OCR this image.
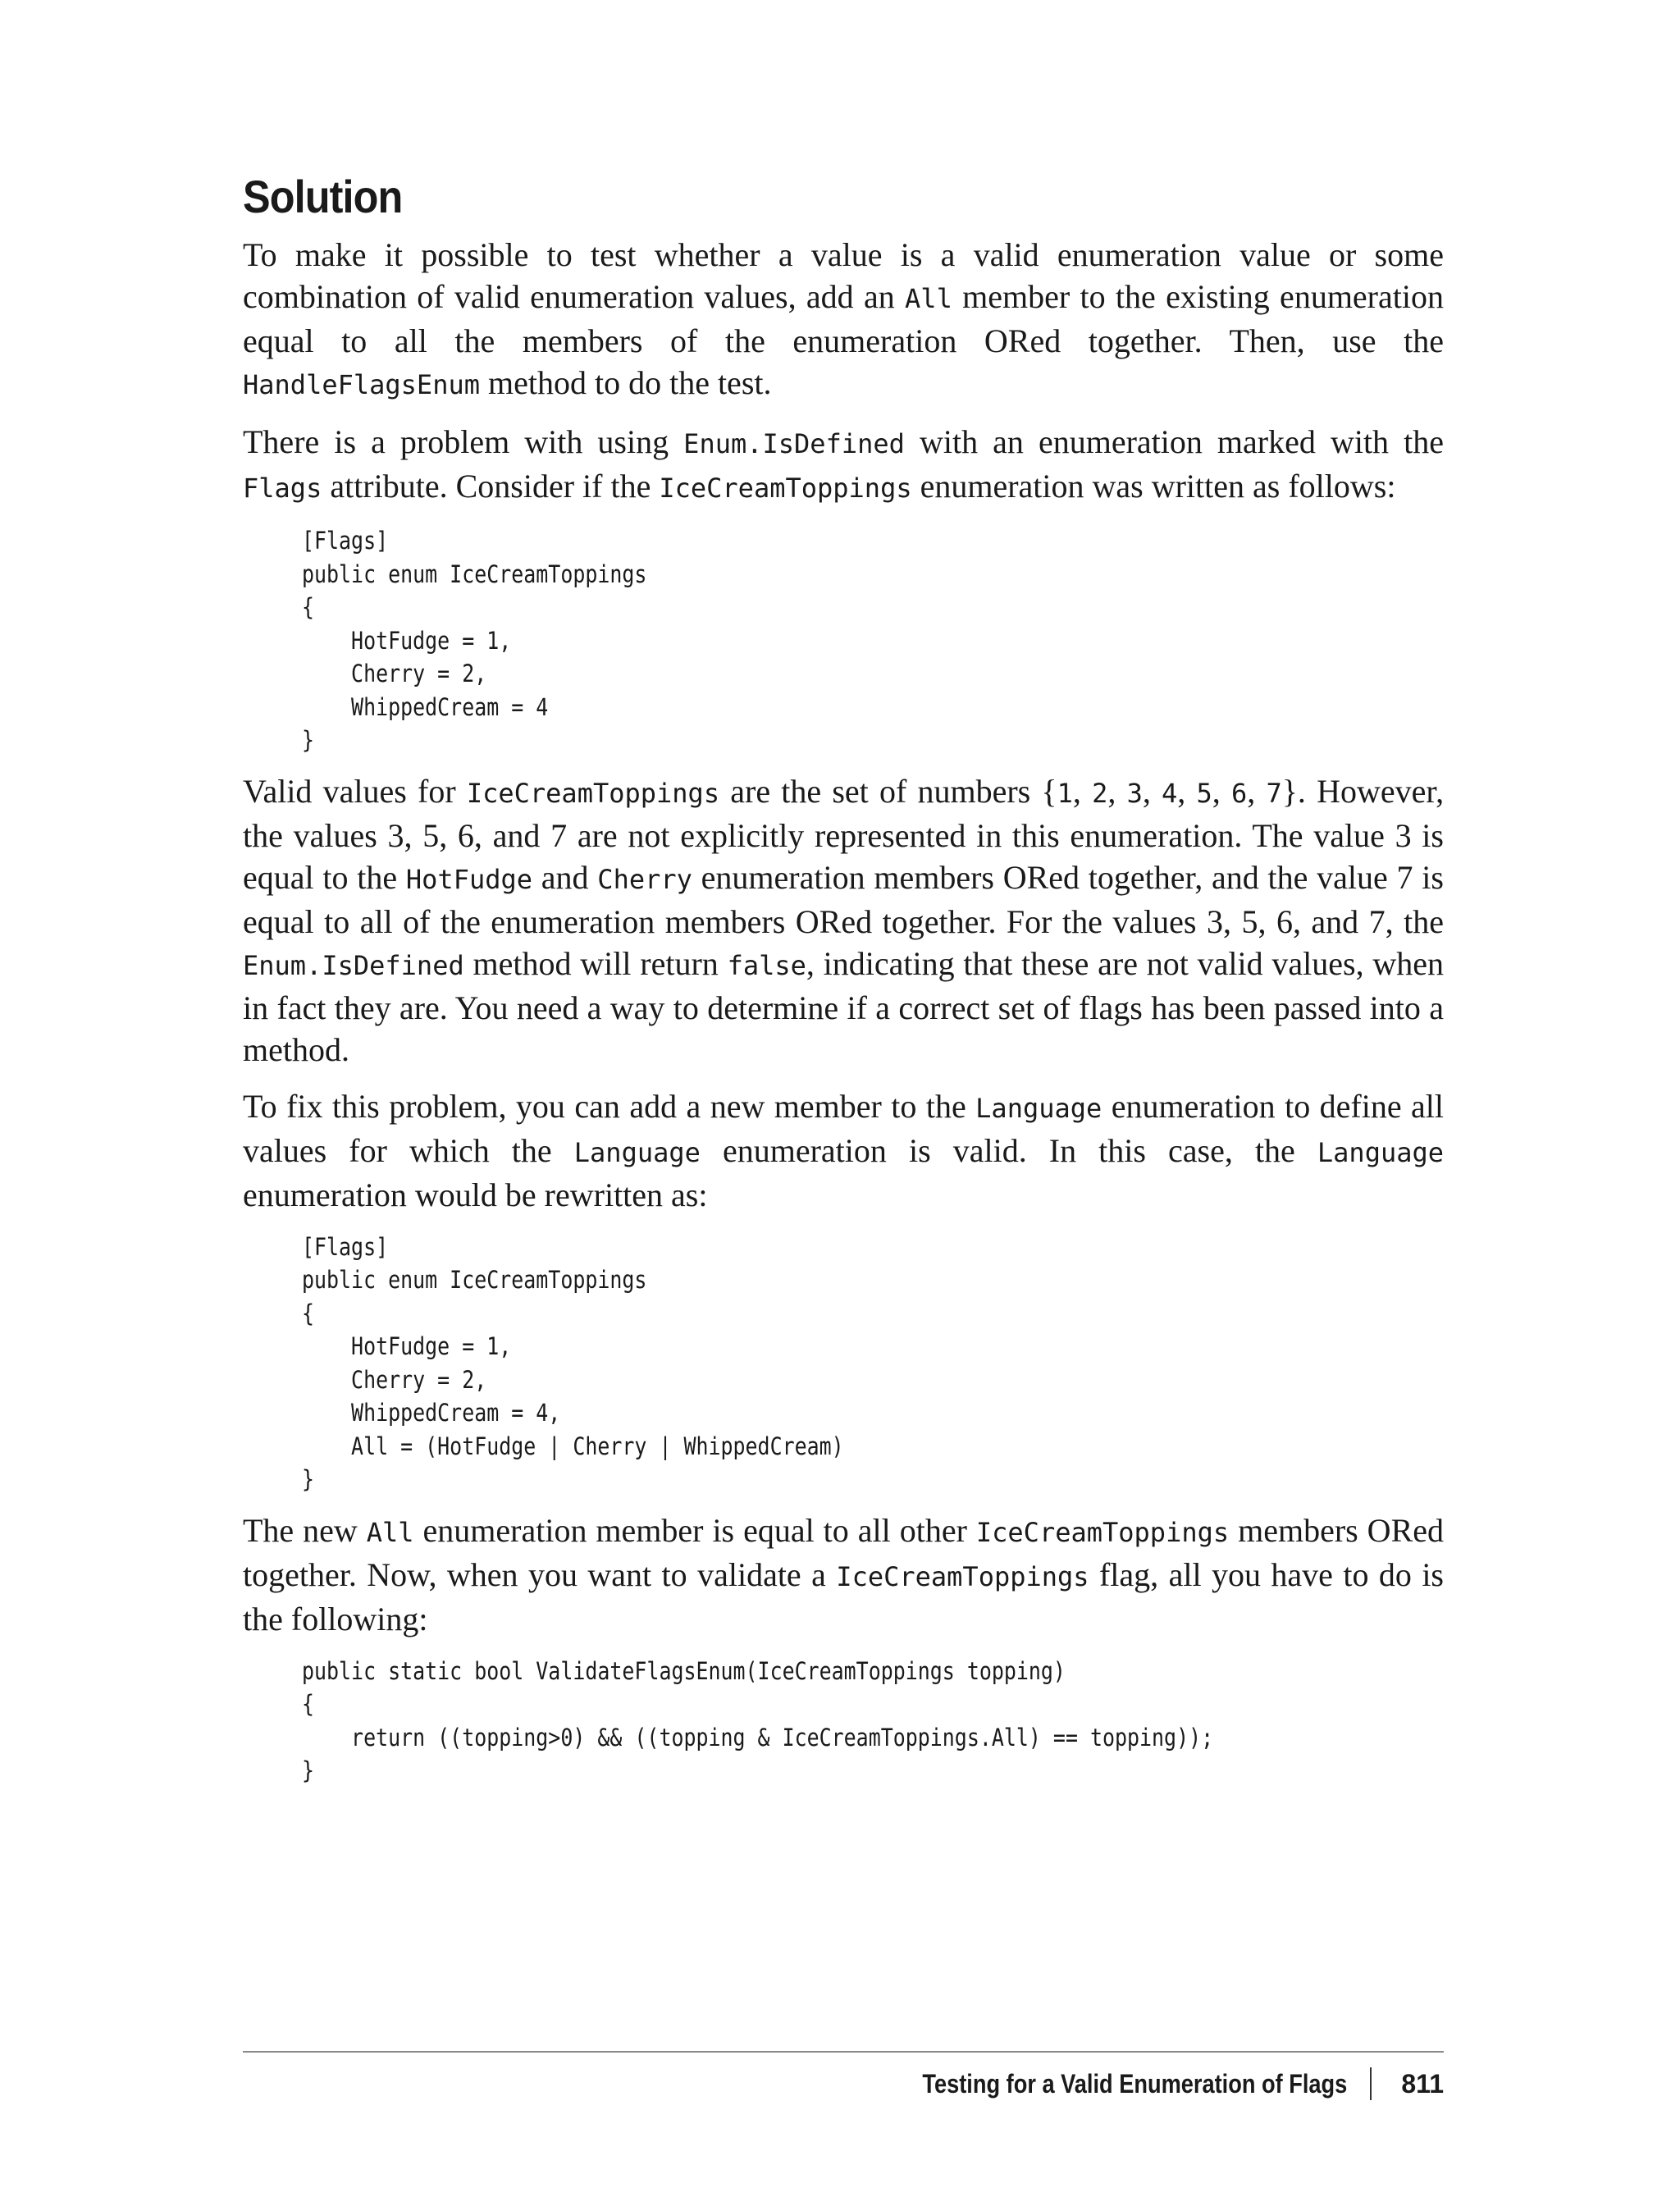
Solution

To make it possible to test whether a value is a valid enumeration value or some combination of valid enumeration values, add an All member to the existing enumeration equal to all the members of the enumeration ORed together. Then, use the HandleFlagsEnum method to do the test.

There is a problem with using Enum.IsDefined with an enumeration marked with the Flags attribute. Consider if the IceCreamToppings enumeration was written as follows:

[Flags]
public enum IceCreamToppings
{
HotFudge = 1,
Cherry = 2,
WhippedCream = 4
}

Valid values for IceCreamToppings are the set of numbers {1, 2, 3, 4, 5, 6, 7}. However, the values 3, 5, 6, and 7 are not explicitly represented in this enumeration. The value 3 is equal to the HotFudge and Cherry enumeration members ORed together, and the value 7 is equal to all of the enumeration members ORed together. For the values 3, 5, 6, and 7, the Enum.IsDefined method will return false, indicating that these are not valid values, when in fact they are. You need a way to determine if a correct set of flags has been passed into a method.

To fix this problem, you can add a new member to the Language enumeration to define all values for which the Language enumeration is valid. In this case, the Language enumeration would be rewritten as:

[Flags]
public enum IceCreamToppings
{
HotFudge = 1,
Cherry = 2,
WhippedCream = 4,
All = (HotFudge | Cherry | WhippedCream)
}

The new All enumeration member is equal to all other IceCreamToppings members ORed together. Now, when you want to validate a IceCreamToppings flag, all you have to do is the following:

public static bool ValidateFlagsEnum(IceCreamToppings topping)
{
return ((topping>0) && ((topping & IceCreamToppings.All) == topping));
}
Testing for a Valid Enumeration of Flags 811
